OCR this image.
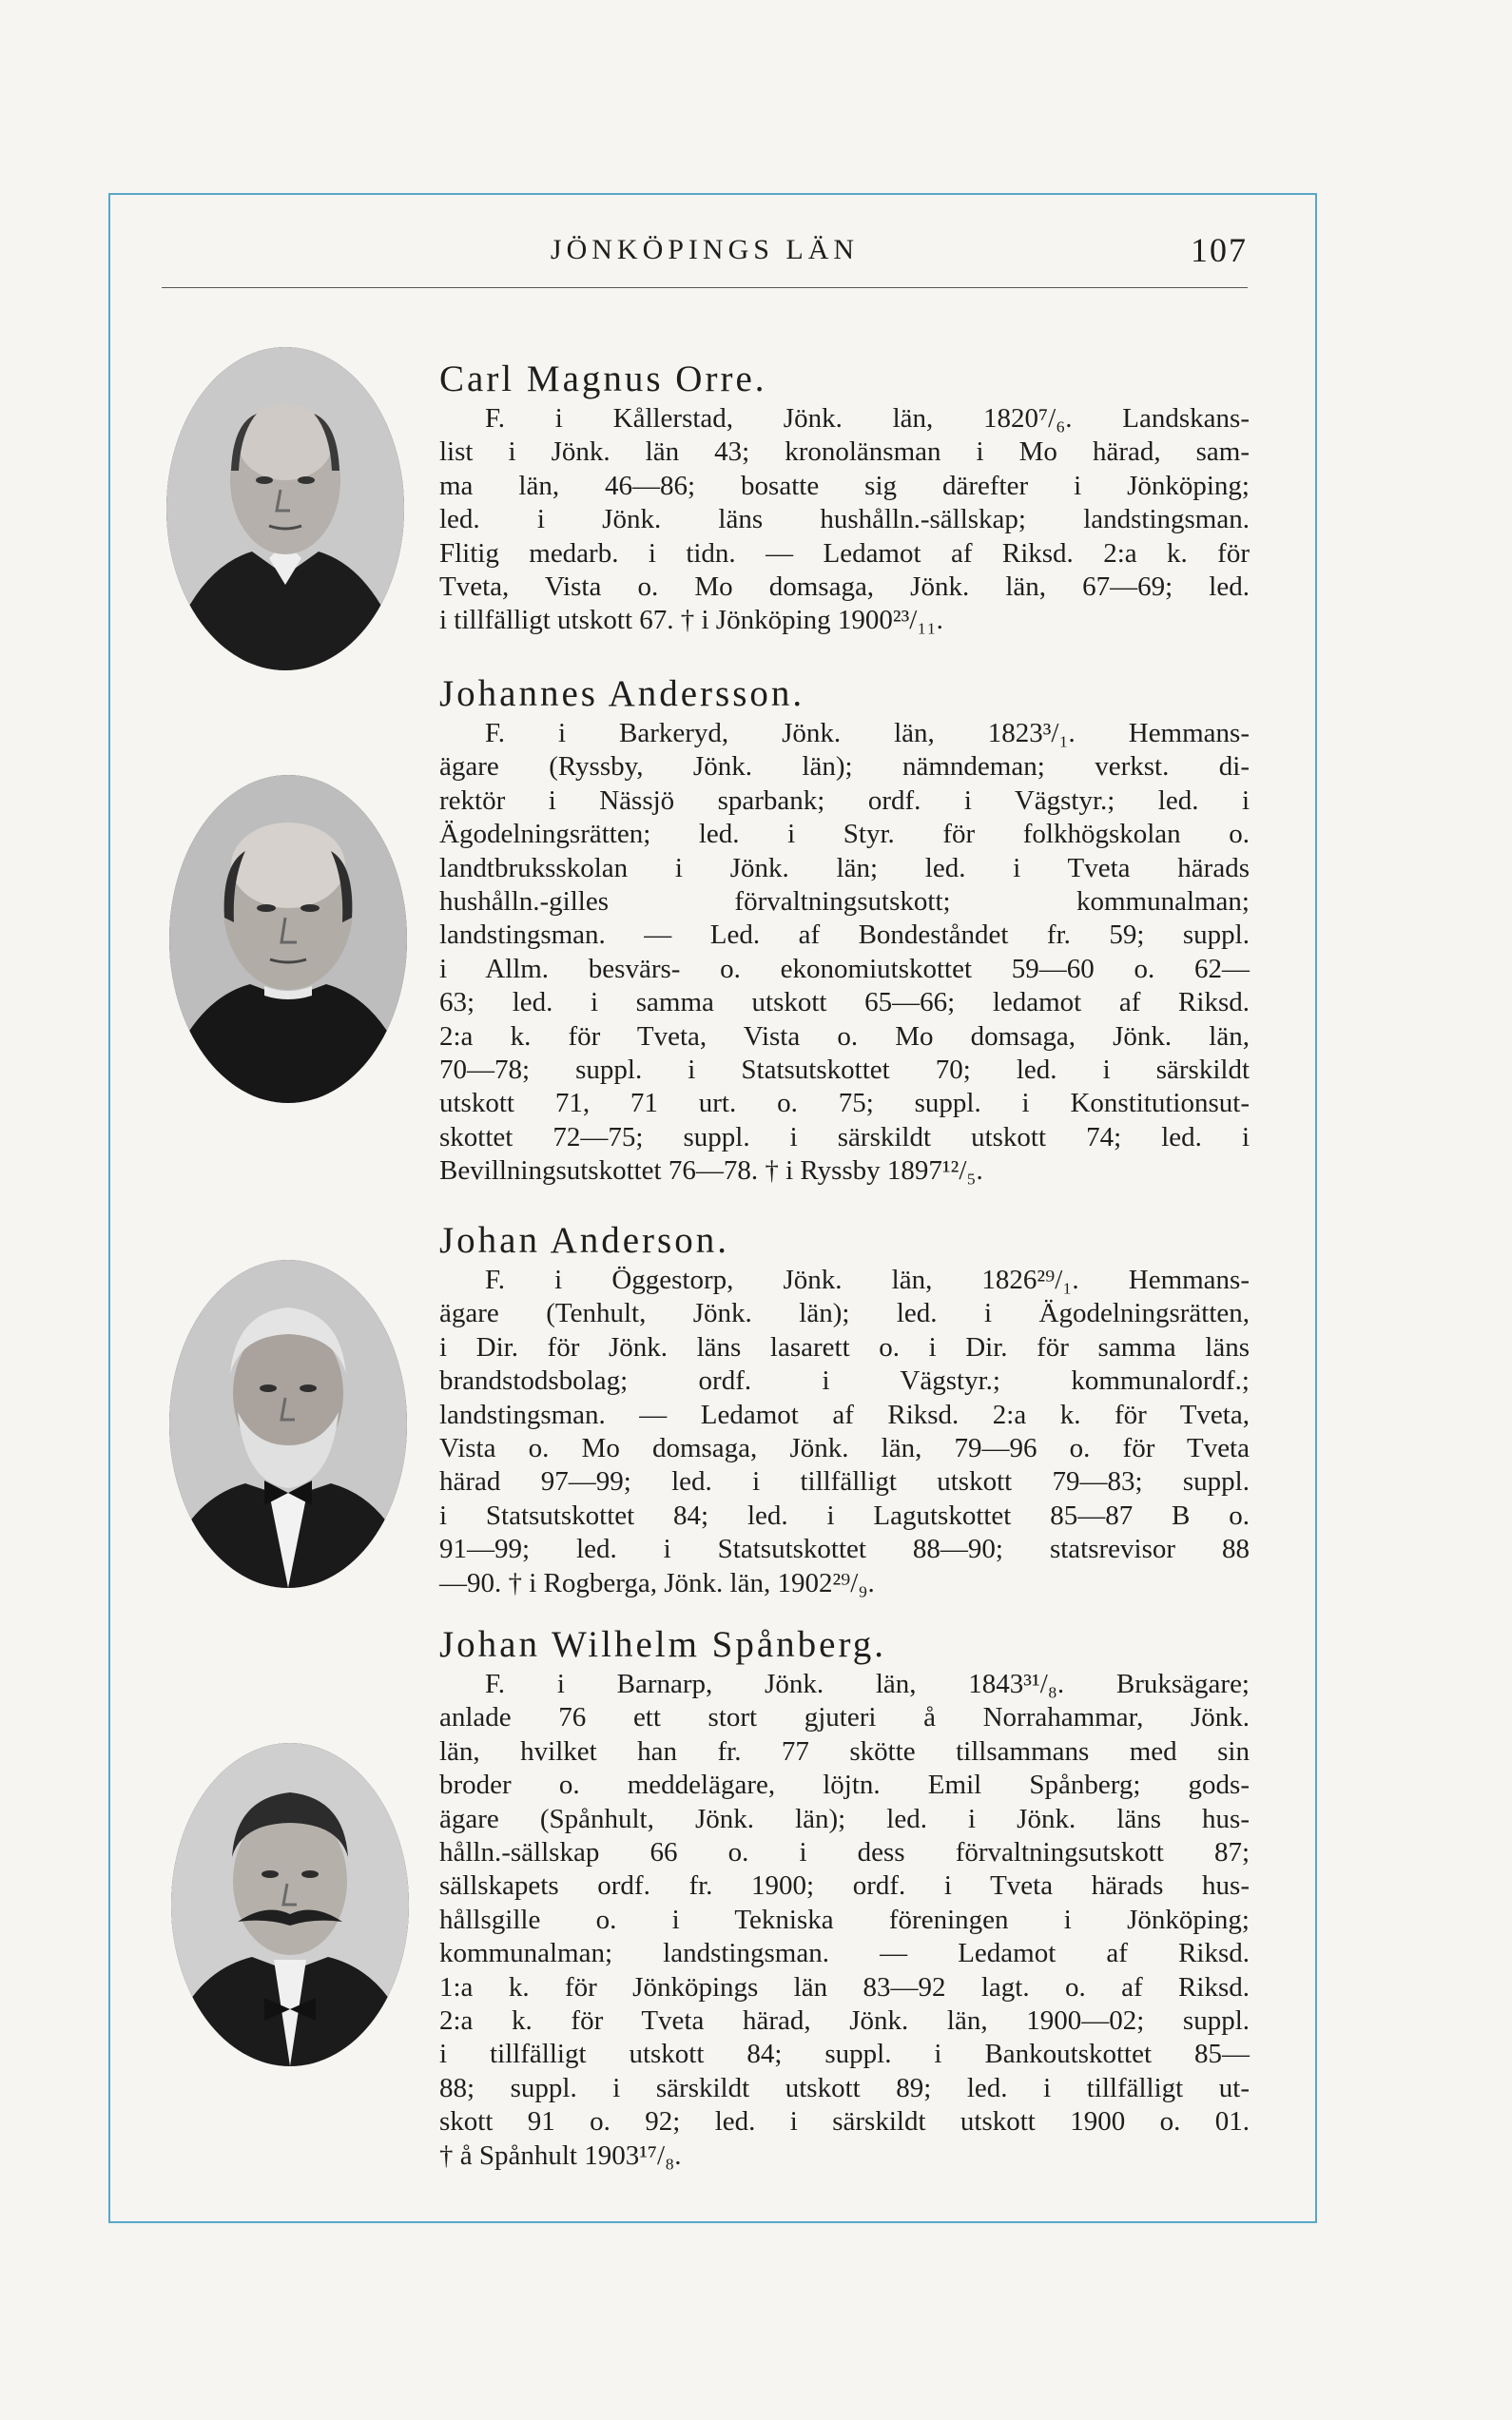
JÖNKÖPINGS LÄN	107
Carl Magnus Orre.
F. i Kållerstad, Jönk. län, 1820⁷/₆. Landskans-
list i Jönk. län 43; kronolänsman i Mo härad, sam-
ma län, 46—86; bosatte sig därefter i Jönköping;
led. i Jönk. läns hushålln.-sällskap; landstingsman.
Flitig medarb. i tidn. — Ledamot af Riksd. 2:a k. för
Tveta, Vista o. Mo domsaga, Jönk. län, 67—69; led.
i tillfälligt utskott 67. † i Jönköping 1900²³/₁₁.
Johannes Andersson.
F. i Barkeryd, Jönk. län, 1823³/₁. Hemmans-
ägare (Ryssby, Jönk. län); nämndeman; verkst. di-
rektör i Nässjö sparbank; ordf. i Vägstyr.; led. i
Ägodelningsrätten; led. i Styr. för folkhögskolan o.
landtbruksskolan i Jönk. län; led. i Tveta härads
hushålln.-gilles förvaltningsutskott; kommunalman;
landstingsman. — Led. af Bondeståndet fr. 59; suppl.
i Allm. besvärs- o. ekonomiutskottet 59—60 o. 62—
63; led. i samma utskott 65—66; ledamot af Riksd.
2:a k. för Tveta, Vista o. Mo domsaga, Jönk. län,
70—78; suppl. i Statsutskottet 70; led. i särskildt
utskott 71, 71 urt. o. 75; suppl. i Konstitutionsut-
skottet 72—75; suppl. i särskildt utskott 74; led. i
Bevillningsutskottet 76—78. † i Ryssby 1897¹²/₅.
Johan Anderson.
F. i Öggestorp, Jönk. län, 1826²⁹/₁. Hemmans-
ägare (Tenhult, Jönk. län); led. i Ägodelningsrätten,
i Dir. för Jönk. läns lasarett o. i Dir. för samma läns
brandstodsbolag; ordf. i Vägstyr.; kommunalordf.;
landstingsman. — Ledamot af Riksd. 2:a k. för Tveta,
Vista o. Mo domsaga, Jönk. län, 79—96 o. för Tveta
härad 97—99; led. i tillfälligt utskott 79—83; suppl.
i Statsutskottet 84; led. i Lagutskottet 85—87 B o.
91—99; led. i Statsutskottet 88—90; statsrevisor 88
—90. † i Rogberga, Jönk. län, 1902²⁹/₉.
Johan Wilhelm Spånberg.
F. i Barnarp, Jönk. län, 1843³¹/₈. Bruksägare;
anlade 76 ett stort gjuteri å Norrahammar, Jönk.
län, hvilket han fr. 77 skötte tillsammans med sin
broder o. meddelägare, löjtn. Emil Spånberg; gods-
ägare (Spånhult, Jönk. län); led. i Jönk. läns hus-
hålln.-sällskap 66 o. i dess förvaltningsutskott 87;
sällskapets ordf. fr. 1900; ordf. i Tveta härads hus-
hållsgille o. i Tekniska föreningen i Jönköping;
kommunalman; landstingsman. — Ledamot af Riksd.
1:a k. för Jönköpings län 83—92 lagt. o. af Riksd.
2:a k. för Tveta härad, Jönk. län, 1900—02; suppl.
i tillfälligt utskott 84; suppl. i Bankoutskottet 85—
88; suppl. i särskildt utskott 89; led. i tillfälligt ut-
skott 91 o. 92; led. i särskildt utskott 1900 o. 01.
† å Spånhult 1903¹⁷/₈.
